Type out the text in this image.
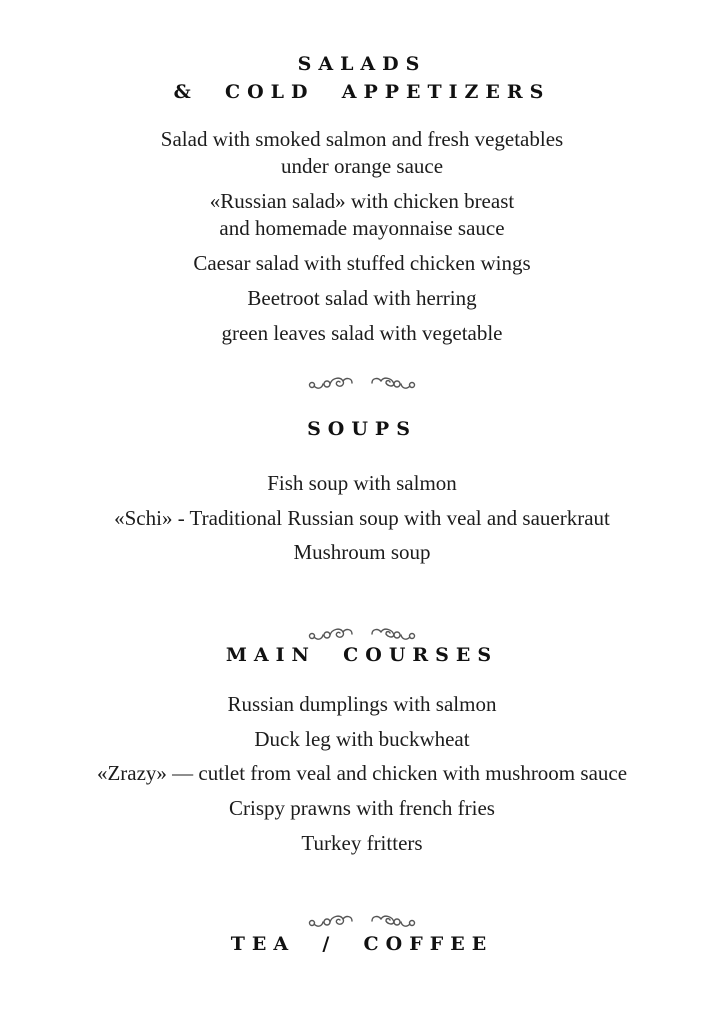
SALADS
&  COLD  APPETIZERS

Salad with smoked salmon and fresh vegetables
under orange sauce

«Russian salad» with chicken breast
and homemade mayonnaise sauce

Caesar salad with stuffed chicken wings

Beetroot salad with herring

green leaves salad with vegetable

SOUPS

Fish soup with salmon

«Schi» - Traditional Russian soup with veal and sauerkraut

Mushroum soup

MAIN  COURSES

Russian dumplings with salmon

Duck leg with buckwheat

«Zrazy» — cutlet from veal and chicken with mushroom sauce

Crispy prawns with french fries

Turkey fritters

TEA  /  COFFEE
